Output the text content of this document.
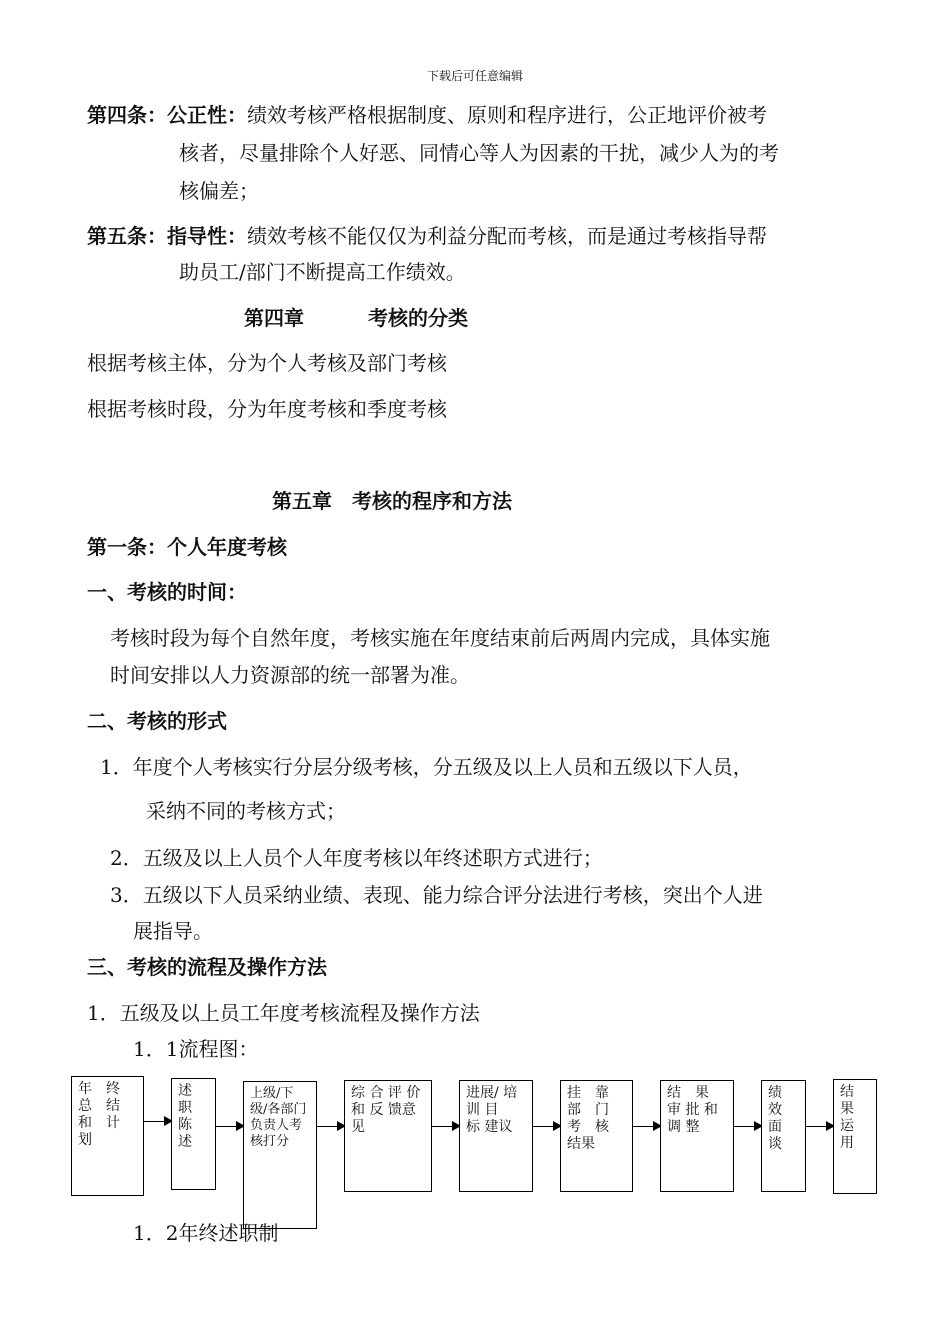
下载后可任意编辑
第四条：公正性：绩效考核严格根据制度、原则和程序进行，公正地评价被考
核者，尽量排除个人好恶、同情心等人为因素的干扰，减少人为的考
核偏差；
第五条：指导性：绩效考核不能仅仅为利益分配而考核，而是通过考核指导帮
助员工/部门不断提高工作绩效。
第四章	考核的分类
根据考核主体，分为个人考核及部门考核
根据考核时段，分为年度考核和季度考核
第五章　考核的程序和方法
第一条：个人年度考核
一、考核的时间：
考核时段为每个自然年度，考核实施在年度结束前后两周内完成，具体实施
时间安排以人力资源部的统一部署为准。
二、考核的形式
1．年度个人考核实行分层分级考核，分五级及以上人员和五级以下人员，
采纳不同的考核方式；
2．五级及以上人员个人年度考核以年终述职方式进行；
3．五级以下人员采纳业绩、表现、能力综合评分法进行考核，突出个人进
展指导。
三、考核的流程及操作方法
1．五级及以上员工年度考核流程及操作方法
1．1流程图：
年　终 总　结 和　计 划
述 职 陈 述
上级/下级/各部门负责人考核打分
综 合 评 价 和 反 馈意见
进展/ 培　训 目　标 建议
挂　靠 部　门 考　核 结果
结　果 审 批 和 调 整
绩 效 面 谈
结 果 运 用
1．2年终述职制
